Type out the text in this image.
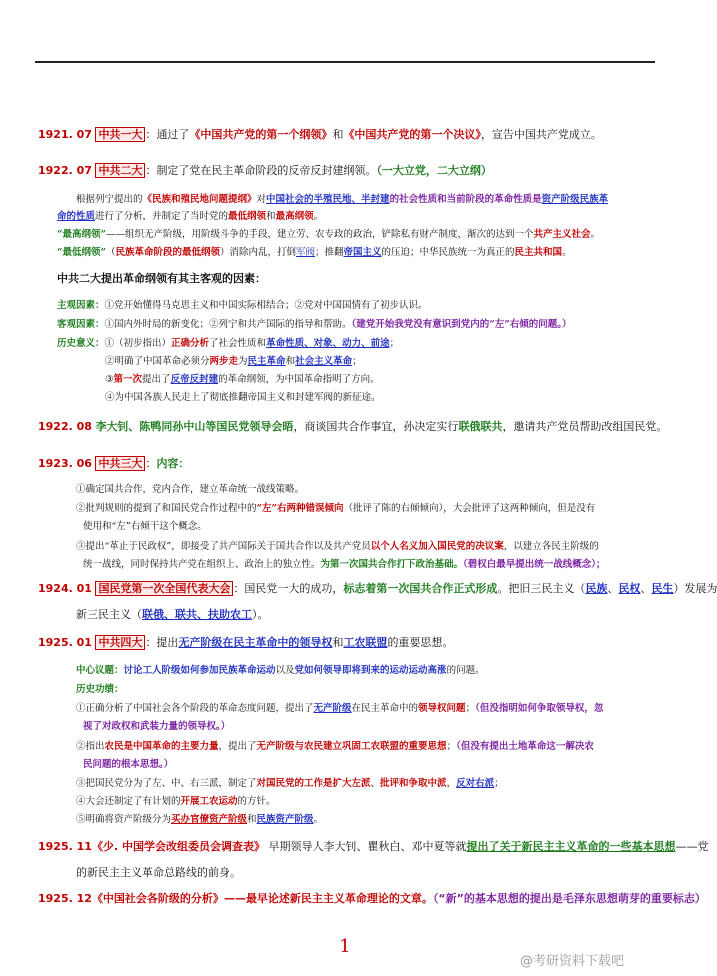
1921. 07 中共一大 ：通过了《中国共产党的第一个纲领》和《中国共产党的第一个决议》，宣告中国共产党成立。
1922. 07 中共二大 ：制定了党在民主革命阶段的反帝反封建纲领。（一大立党，二大立纲）
根据列宁提出的《民族和殖民地问题提纲》对中国社会的半殖民地、半封建的社会性质和当前阶段的革命性质是资产阶级民族革
命的性质进行了分析，并制定了当时党的最低纲领和最高纲领。
“最高纲领”——组织无产阶级，用阶级斗争的手段，建立劳、农专政的政治，铲除私有财产制度，渐次的达到一个共产主义社会。
“最低纲领”（民族革命阶段的最低纲领）消除内乱，打倒军阀；推翻帝国主义的压迫；中华民族统一为真正的民主共和国。
中共二大提出革命纲领有其主客观的因素：
主观因素：①党开始懂得马克思主义和中国实际相结合；②党对中国国情有了初步认识。
客观因素：①国内外时局的新变化；②列宁和共产国际的指导和帮助。（建党开始我党没有意识到党内的“左”右倾的问题。）
历史意义：①（初步指出）正确分析了社会性质和革命性质、对象、动力、前途；
②明确了中国革命必须分两步走为民主革命和社会主义革命；
③第一次提出了反帝反封建的革命纲领，为中国革命指明了方向。
④为中国各族人民走上了彻底推翻帝国主义和封建军阀的新征途。
1922. 08 李大钊、陈鸭同孙中山等国民党领导会晤，商谈国共合作事宜，孙决定实行联俄联共，邀请共产党员帮助改组国民党。
1923. 06 中共三大 ：内容：
①确定国共合作，党内合作，建立革命统一战线策略。
②批判规则的提到了和国民党合作过程中的“左”右两种错误倾向（批评了陈的右倾倾向），大会批评了这两种倾向，但是没有
使用和“左”右倾干这个概念。
③提出“革止于民政权”，即接受了共产国际关于国共合作以及共产党员以个人名义加入国民党的决议案，以建立各民主阶级的
统一战线，同时保持共产党在组织上、政治上的独立性。为第一次国共合作打下政治基础。（碧权白最早提出统一战线概念）；
1924. 01 国民党第一次全国代表大会 ：国民党一大的成功，标志着第一次国共合作正式形成。把旧三民主义（民族、民权、民生）发展为
新三民主义（联俄、联共、扶助农工）。
1925. 01 中共四大 ：提出无产阶级在民主革命中的领导权和工农联盟的重要思想。
中心议题：讨论工人阶级如何参加民族革命运动以及党如何领导即将到来的运动运动高涨的问题。
历史功绩：
①正确分析了中国社会各个阶段的革命态度问题，提出了无产阶级在民主革命中的领导权问题；（但没指明如何争取领导权，忽
视了对政权和武装力量的领导权。）
②指出农民是中国革命的主要力量，提出了无产阶级与农民建立巩固工农联盟的重要思想；（但没有提出土地革命这一解决农
民问题的根本思想。）
③把国民党分为了左、中、右三派，制定了对国民党的工作是扩大左派、批评和争取中派，反对右派；
④大会还制定了有计划的开展工农运动的方针。
⑤明确将资产阶级分为买办官僚资产阶级和民族资产阶级。
1925. 11《少. 中国学会改组委员会调查表》 早期领导人李大钊、瞿秋白、邓中夏等就提出了关于新民主主义革命的一些基本思想——党
的新民主主义革命总路线的前身。
1925. 12《中国社会各阶级的分析》——最早论述新民主主义革命理论的文章。（“新”的基本思想的提出是毛泽东思想萌芽的重要标志）
1
@考研资料下载吧
